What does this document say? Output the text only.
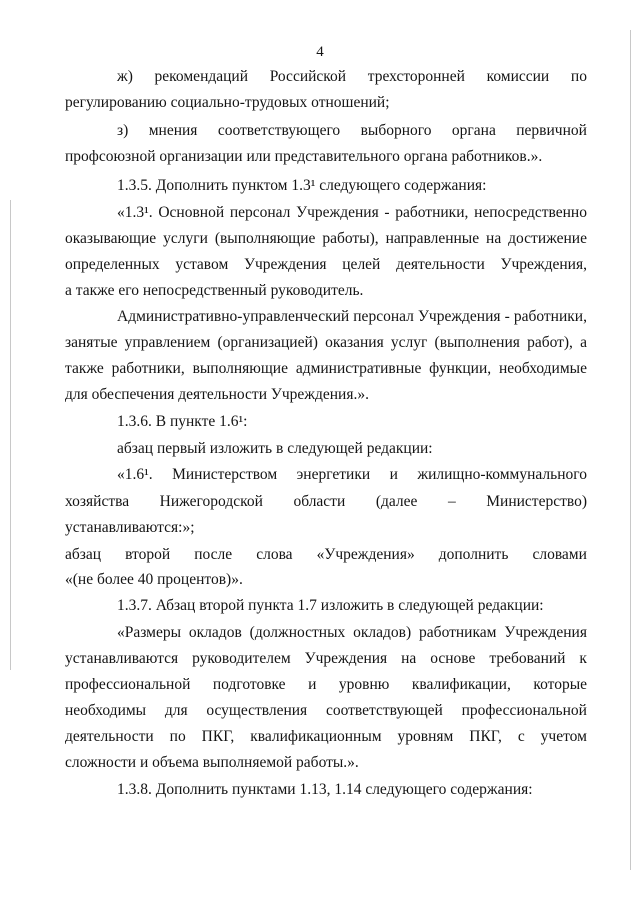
4
ж) рекомендаций Российской трехсторонней комиссии по
регулированию социально-трудовых отношений;
з) мнения соответствующего выборного органа первичной
профсоюзной организации или представительного органа работников.».
1.3.5. Дополнить пунктом 1.3¹ следующего содержания:
«1.3¹. Основной персонал Учреждения - работники, непосредственно
оказывающие услуги (выполняющие работы), направленные на достижение
определенных уставом Учреждения целей деятельности Учреждения,
а также его непосредственный руководитель.
Административно-управленческий персонал Учреждения - работники,
занятые управлением (организацией) оказания услуг (выполнения работ), а
также работники, выполняющие административные функции, необходимые
для обеспечения деятельности Учреждения.».
1.3.6. В пункте 1.6¹:
абзац первый изложить в следующей редакции:
«1.6¹. Министерством энергетики и жилищно-коммунального
хозяйства Нижегородской области (далее – Министерство)
устанавливаются:»;
абзац второй после слова «Учреждения» дополнить словами
«(не более 40 процентов)».
1.3.7. Абзац второй пункта 1.7 изложить в следующей редакции:
«Размеры окладов (должностных окладов) работникам Учреждения
устанавливаются руководителем Учреждения на основе требований к
профессиональной подготовке и уровню квалификации, которые
необходимы для осуществления соответствующей профессиональной
деятельности по ПКГ, квалификационным уровням ПКГ, с учетом
сложности и объема выполняемой работы.».
1.3.8. Дополнить пунктами 1.13, 1.14 следующего содержания:
